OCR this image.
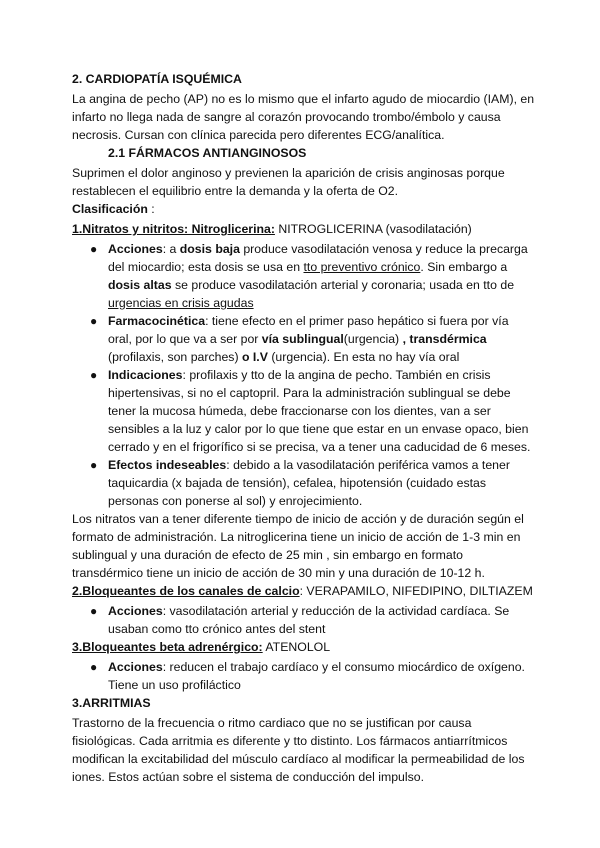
2. CARDIOPATÍA ISQUÉMICA
La angina de pecho (AP) no es lo mismo que el infarto agudo de miocardio (IAM), en
infarto no llega nada de sangre al corazón provocando trombo/émbolo y causa
necrosis. Cursan con clínica parecida pero diferentes ECG/analítica.
2.1 FÁRMACOS ANTIANGINOSOS
Suprimen el dolor anginoso y previenen la aparición de crisis anginosas porque
restablecen el equilibrio entre la demanda y la oferta de O2.
Clasificación :
1.Nitratos y nitritos: Nitroglicerina: NITROGLICERINA (vasodilatación)
● Acciones: a dosis baja produce vasodilatación venosa y reduce la precarga
del miocardio; esta dosis se usa en tto preventivo crónico. Sin embargo a
dosis altas se produce vasodilatación arterial y coronaria; usada en tto de
urgencias en crisis agudas
● Farmacocinética: tiene efecto en el primer paso hepático si fuera por vía
oral, por lo que va a ser por vía sublingual(urgencia) , transdérmica
(profilaxis, son parches) o I.V (urgencia). En esta no hay vía oral
● Indicaciones: profilaxis y tto de la angina de pecho. También en crisis
hipertensivas, si no el captopril. Para la administración sublingual se debe
tener la mucosa húmeda, debe fraccionarse con los dientes, van a ser
sensibles a la luz y calor por lo que tiene que estar en un envase opaco, bien
cerrado y en el frigorífico si se precisa, va a tener una caducidad de 6 meses.
● Efectos indeseables: debido a la vasodilatación periférica vamos a tener
taquicardia (x bajada de tensión), cefalea, hipotensión (cuidado estas
personas con ponerse al sol) y enrojecimiento.
Los nitratos van a tener diferente tiempo de inicio de acción y de duración según el
formato de administración. La nitroglicerina tiene un inicio de acción de 1-3 min en
sublingual y una duración de efecto de 25 min , sin embargo en formato
transdérmico tiene un inicio de acción de 30 min y una duración de 10-12 h.
2.Bloqueantes de los canales de calcio: VERAPAMILO, NIFEDIPINO, DILTIAZEM
● Acciones: vasodilatación arterial y reducción de la actividad cardíaca. Se
usaban como tto crónico antes del stent
3.Bloqueantes beta adrenérgico: ATENOLOL
● Acciones: reducen el trabajo cardíaco y el consumo miocárdico de oxígeno.
Tiene un uso profiláctico
3.ARRITMIAS
Trastorno de la frecuencia o ritmo cardiaco que no se justifican por causa
fisiológicas. Cada arritmia es diferente y tto distinto. Los fármacos antiarrítmicos
modifican la excitabilidad del músculo cardíaco al modificar la permeabilidad de los
iones. Estos actúan sobre el sistema de conducción del impulso.
